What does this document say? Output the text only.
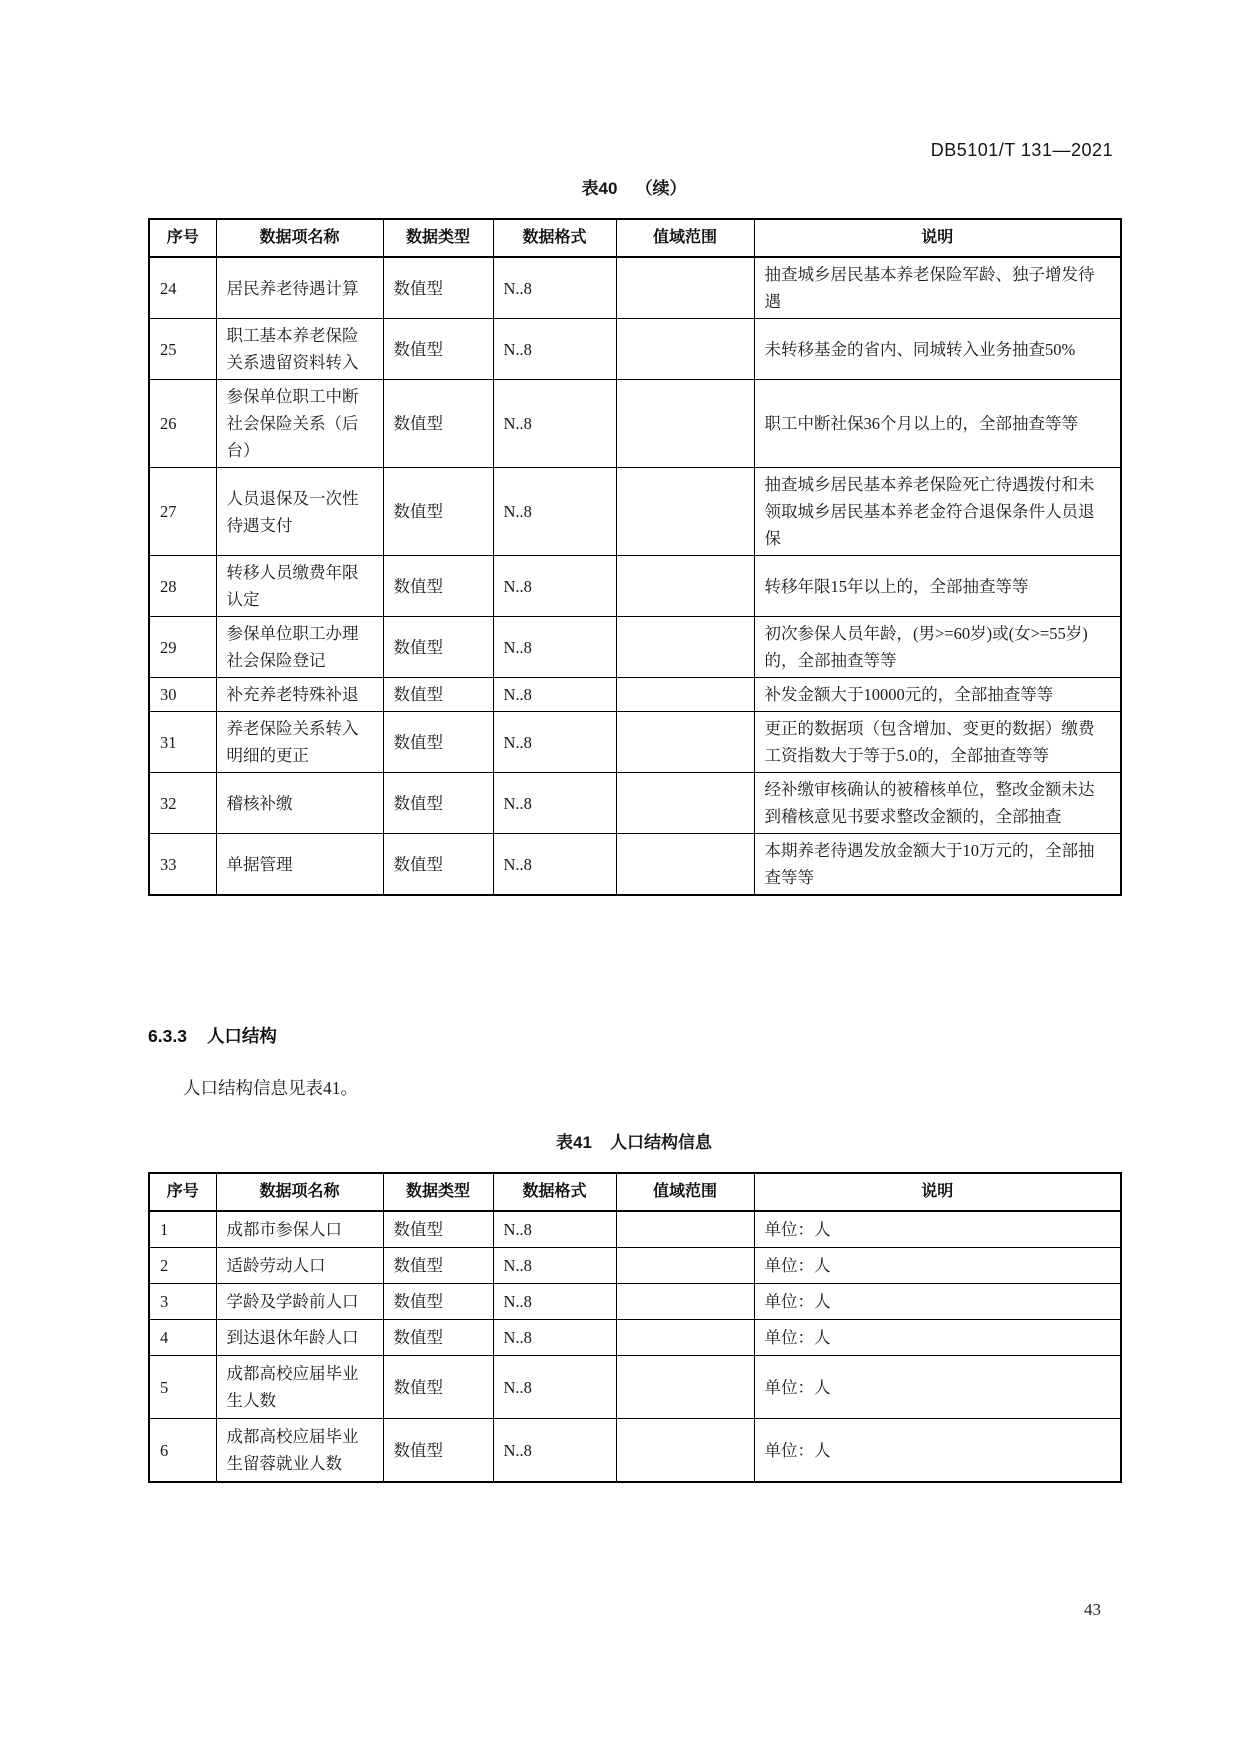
DB5101/T 131—2021
表40 （续）
序号	数据项名称	数据类型	数据格式	值域范围	说明
24	居民养老待遇计算	数值型	N..8		抽查城乡居民基本养老保险军龄、独子增发待遇
25	职工基本养老保险关系遗留资料转入	数值型	N..8		未转移基金的省内、同城转入业务抽查50%
26	参保单位职工中断社会保险关系（后台）	数值型	N..8		职工中断社保36个月以上的，全部抽查等等
27	人员退保及一次性待遇支付	数值型	N..8		抽查城乡居民基本养老保险死亡待遇拨付和未领取城乡居民基本养老金符合退保条件人员退保
28	转移人员缴费年限认定	数值型	N..8		转移年限15年以上的，全部抽查等等
29	参保单位职工办理社会保险登记	数值型	N..8		初次参保人员年龄，(男>=60岁)或(女>=55岁)的，全部抽查等等
30	补充养老特殊补退	数值型	N..8		补发金额大于10000元的，全部抽查等等
31	养老保险关系转入明细的更正	数值型	N..8		更正的数据项（包含增加、变更的数据）缴费工资指数大于等于5.0的，全部抽查等等
32	稽核补缴	数值型	N..8		经补缴审核确认的被稽核单位，整改金额未达到稽核意见书要求整改金额的，全部抽查
33	单据管理	数值型	N..8		本期养老待遇发放金额大于10万元的，全部抽查等等
6.3.3 人口结构

人口结构信息见表41。

表41 人口结构信息
序号	数据项名称	数据类型	数据格式	值域范围	说明
1	成都市参保人口	数值型	N..8		单位：人
2	适龄劳动人口	数值型	N..8		单位：人
3	学龄及学龄前人口	数值型	N..8		单位：人
4	到达退休年龄人口	数值型	N..8		单位：人
5	成都高校应届毕业生人数	数值型	N..8		单位：人
6	成都高校应届毕业生留蓉就业人数	数值型	N..8		单位：人
43
